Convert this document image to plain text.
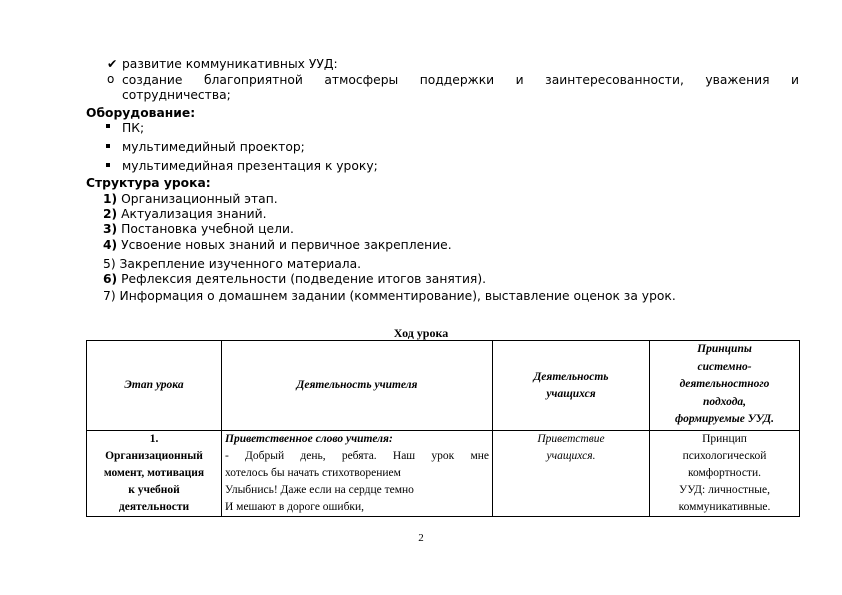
✔ развитие коммуникативных УУД:
o создание благоприятной атмосферы поддержки и заинтересованности, уважения и
сотрудничества;
Оборудование:
ПК;
мультимедийный проектор;
мультимедийная презентация к уроку;
Структура урока:
1) Организационный этап.
2) Актуализация знаний.
3) Постановка учебной цели.
4) Усвоение новых знаний и первичное закрепление.
5) Закрепление изученного материала.
6) Рефлексия деятельности (подведение итогов занятия).
7) Информация о домашнем задании (комментирование), выставление оценок за урок.
Ход урока
Этап урока	Деятельность учителя	Деятельность
учащихся	Принципы
системно-
деятельностного
подхода,
формируемые УУД.
1.
Организационный
момент, мотивация
к учебной
деятельности	Приветственное слово учителя:

- Добрый день, ребята. Наш урок мне
хотелось бы начать стихотворением
Улыбнись! Даже если на сердце темно
И мешают в дороге ошибки,	Приветствие
учащихся.	Принцип
психологической
комфортности.
УУД: личностные,
коммуникативные.
2
